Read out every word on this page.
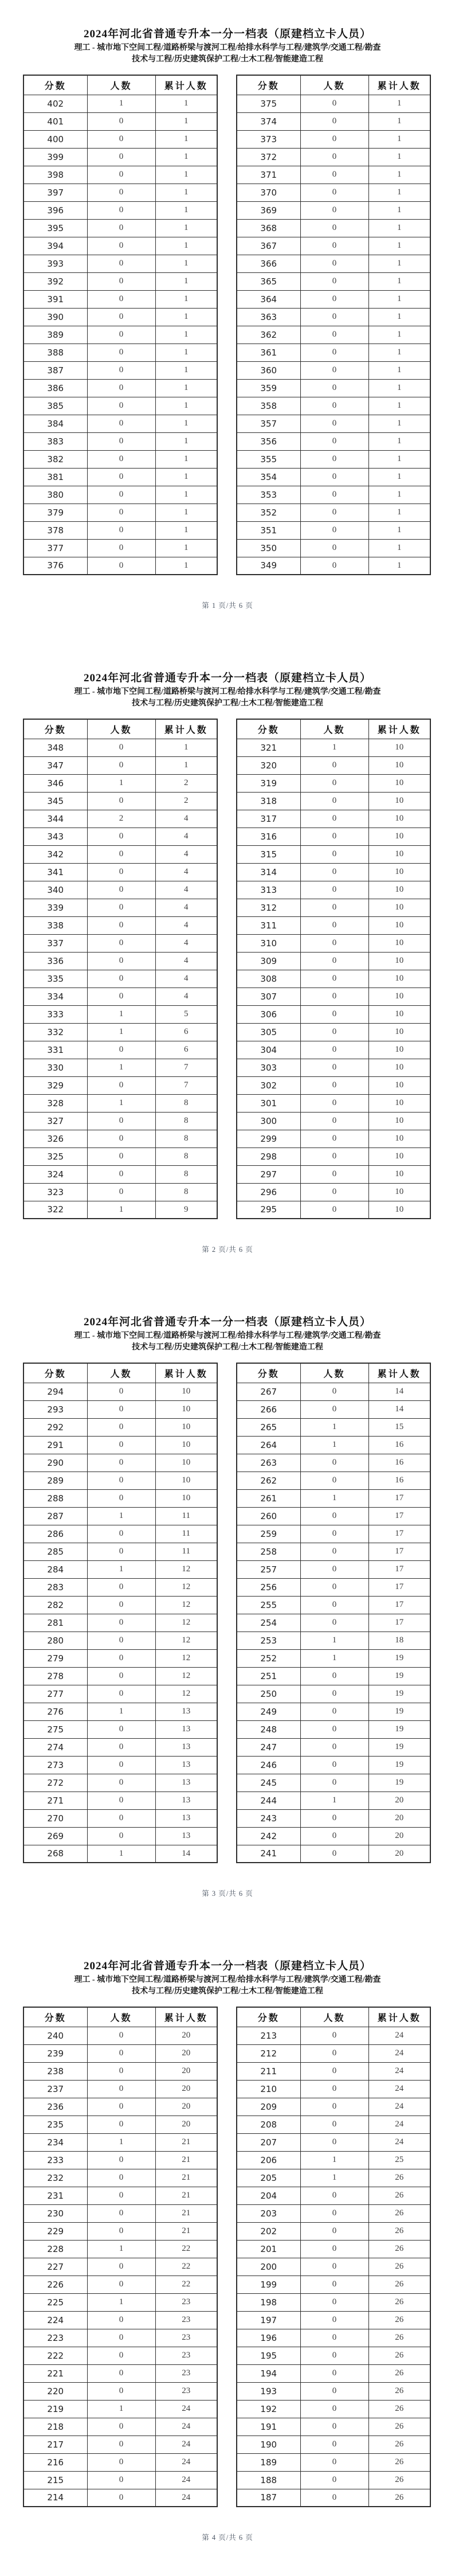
2024年河北省普通专升本一分一档表（原建档立卡人员）
理工 - 城市地下空间工程/道路桥梁与渡河工程/给排水科学与工程/建筑学/交通工程/勘查
技术与工程/历史建筑保护工程/土木工程/智能建造工程
分数	人数	累计人数
402	1	1
401	0	1
400	0	1
399	0	1
398	0	1
397	0	1
396	0	1
395	0	1
394	0	1
393	0	1
392	0	1
391	0	1
390	0	1
389	0	1
388	0	1
387	0	1
386	0	1
385	0	1
384	0	1
383	0	1
382	0	1
381	0	1
380	0	1
379	0	1
378	0	1
377	0	1
376	0	1
分数	人数	累计人数
375	0	1
374	0	1
373	0	1
372	0	1
371	0	1
370	0	1
369	0	1
368	0	1
367	0	1
366	0	1
365	0	1
364	0	1
363	0	1
362	0	1
361	0	1
360	0	1
359	0	1
358	0	1
357	0	1
356	0	1
355	0	1
354	0	1
353	0	1
352	0	1
351	0	1
350	0	1
349	0	1
第 1 页/共 6 页
2024年河北省普通专升本一分一档表（原建档立卡人员）
理工 - 城市地下空间工程/道路桥梁与渡河工程/给排水科学与工程/建筑学/交通工程/勘查
技术与工程/历史建筑保护工程/土木工程/智能建造工程
分数	人数	累计人数
348	0	1
347	0	1
346	1	2
345	0	2
344	2	4
343	0	4
342	0	4
341	0	4
340	0	4
339	0	4
338	0	4
337	0	4
336	0	4
335	0	4
334	0	4
333	1	5
332	1	6
331	0	6
330	1	7
329	0	7
328	1	8
327	0	8
326	0	8
325	0	8
324	0	8
323	0	8
322	1	9
分数	人数	累计人数
321	1	10
320	0	10
319	0	10
318	0	10
317	0	10
316	0	10
315	0	10
314	0	10
313	0	10
312	0	10
311	0	10
310	0	10
309	0	10
308	0	10
307	0	10
306	0	10
305	0	10
304	0	10
303	0	10
302	0	10
301	0	10
300	0	10
299	0	10
298	0	10
297	0	10
296	0	10
295	0	10
第 2 页/共 6 页
2024年河北省普通专升本一分一档表（原建档立卡人员）
理工 - 城市地下空间工程/道路桥梁与渡河工程/给排水科学与工程/建筑学/交通工程/勘查
技术与工程/历史建筑保护工程/土木工程/智能建造工程
分数	人数	累计人数
294	0	10
293	0	10
292	0	10
291	0	10
290	0	10
289	0	10
288	0	10
287	1	11
286	0	11
285	0	11
284	1	12
283	0	12
282	0	12
281	0	12
280	0	12
279	0	12
278	0	12
277	0	12
276	1	13
275	0	13
274	0	13
273	0	13
272	0	13
271	0	13
270	0	13
269	0	13
268	1	14
分数	人数	累计人数
267	0	14
266	0	14
265	1	15
264	1	16
263	0	16
262	0	16
261	1	17
260	0	17
259	0	17
258	0	17
257	0	17
256	0	17
255	0	17
254	0	17
253	1	18
252	1	19
251	0	19
250	0	19
249	0	19
248	0	19
247	0	19
246	0	19
245	0	19
244	1	20
243	0	20
242	0	20
241	0	20
第 3 页/共 6 页
2024年河北省普通专升本一分一档表（原建档立卡人员）
理工 - 城市地下空间工程/道路桥梁与渡河工程/给排水科学与工程/建筑学/交通工程/勘查
技术与工程/历史建筑保护工程/土木工程/智能建造工程
分数	人数	累计人数
240	0	20
239	0	20
238	0	20
237	0	20
236	0	20
235	0	20
234	1	21
233	0	21
232	0	21
231	0	21
230	0	21
229	0	21
228	1	22
227	0	22
226	0	22
225	1	23
224	0	23
223	0	23
222	0	23
221	0	23
220	0	23
219	1	24
218	0	24
217	0	24
216	0	24
215	0	24
214	0	24
分数	人数	累计人数
213	0	24
212	0	24
211	0	24
210	0	24
209	0	24
208	0	24
207	0	24
206	1	25
205	1	26
204	0	26
203	0	26
202	0	26
201	0	26
200	0	26
199	0	26
198	0	26
197	0	26
196	0	26
195	0	26
194	0	26
193	0	26
192	0	26
191	0	26
190	0	26
189	0	26
188	0	26
187	0	26
第 4 页/共 6 页
